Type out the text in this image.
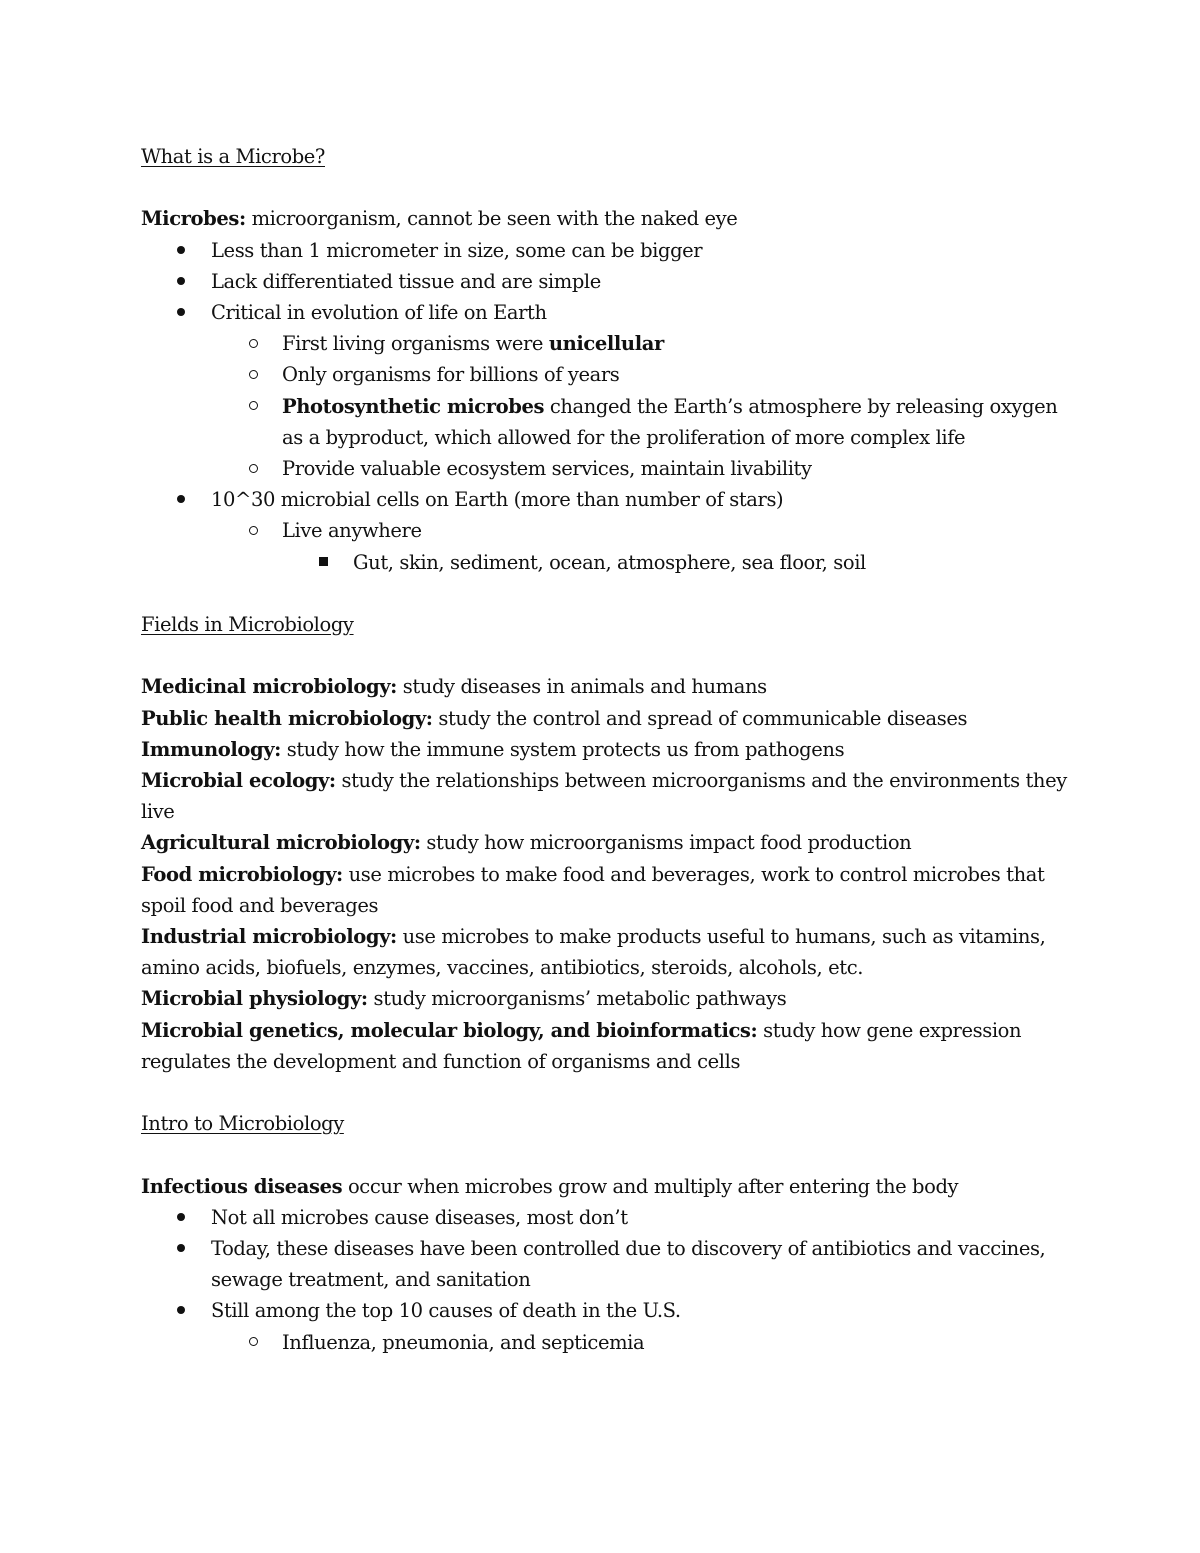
What is a Microbe?

Microbes: microorganism, cannot be seen with the naked eye

Less than 1 micrometer in size, some can be bigger
Lack differentiated tissue and are simple
Critical in evolution of life on Earth
First living organisms were unicellular
Only organisms for billions of years
Photosynthetic microbes changed the Earth’s atmosphere by releasing oxygen as a byproduct, which allowed for the proliferation of more complex life
Provide valuable ecosystem services, maintain livability
10^30 microbial cells on Earth (more than number of stars)
Live anywhere
Gut, skin, sediment, ocean, atmosphere, sea floor, soil

Fields in Microbiology

Medicinal microbiology: study diseases in animals and humans

Public health microbiology: study the control and spread of communicable diseases

Immunology: study how the immune system protects us from pathogens

Microbial ecology: study the relationships between microorganisms and the environments they live

Agricultural microbiology: study how microorganisms impact food production

Food microbiology: use microbes to make food and beverages, work to control microbes that spoil food and beverages

Industrial microbiology: use microbes to make products useful to humans, such as vitamins, amino acids, biofuels, enzymes, vaccines, antibiotics, steroids, alcohols, etc.

Microbial physiology: study microorganisms’ metabolic pathways

Microbial genetics, molecular biology, and bioinformatics: study how gene expression regulates the development and function of organisms and cells

Intro to Microbiology

Infectious diseases occur when microbes grow and multiply after entering the body

Not all microbes cause diseases, most don’t
Today, these diseases have been controlled due to discovery of antibiotics and vaccines, sewage treatment, and sanitation
Still among the top 10 causes of death in the U.S.
Influenza, pneumonia, and septicemia
